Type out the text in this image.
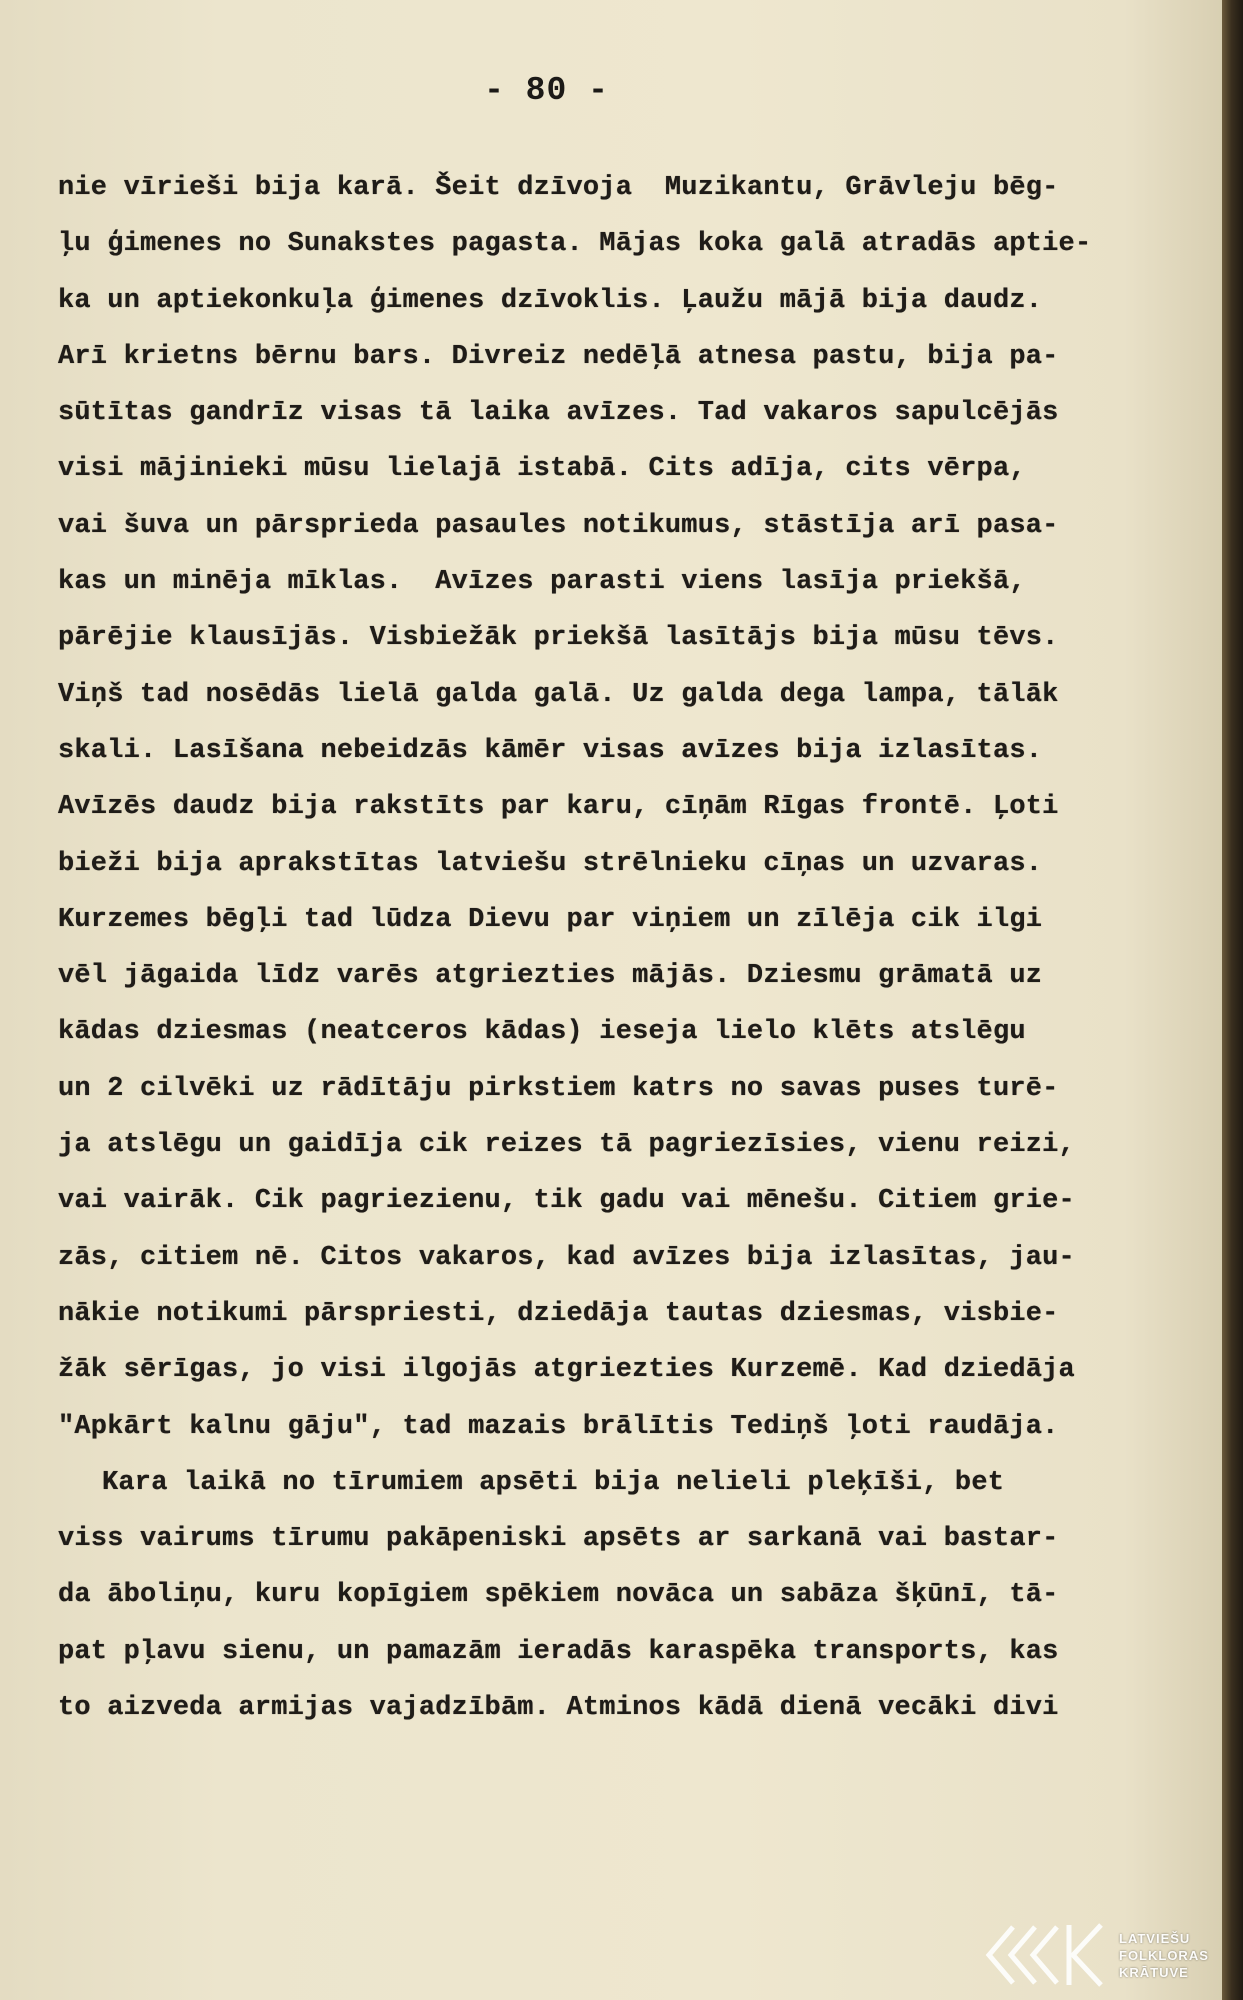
- 80 -
nie vīrieši bija karā. Šeit dzīvoja  Muzikantu, Grāvleju bēg-
ļu ģimenes no Sunakstes pagasta. Mājas koka galā atradās aptie-
ka un aptiekonkuļa ģimenes dzīvoklis. Ļaužu mājā bija daudz.
Arī krietns bērnu bars. Divreiz nedēļā atnesa pastu, bija pa-
sūtītas gandrīz visas tā laika avīzes. Tad vakaros sapulcējās
visi mājinieki mūsu lielajā istabā. Cits adīja, cits vērpa,
vai šuva un pārsprieda pasaules notikumus, stāstīja arī pasa-
kas un minēja mīklas.  Avīzes parasti viens lasīja priekšā,
pārējie klausījās. Visbiežāk priekšā lasītājs bija mūsu tēvs.
Viņš tad nosēdās lielā galda galā. Uz galda dega lampa, tālāk
skali. Lasīšana nebeidzās kāmēr visas avīzes bija izlasītas.
Avīzēs daudz bija rakstīts par karu, cīņām Rīgas frontē. Ļoti
bieži bija aprakstītas latviešu strēlnieku cīņas un uzvaras.
Kurzemes bēgļi tad lūdza Dievu par viņiem un zīlēja cik ilgi
vēl jāgaida līdz varēs atgriezties mājās. Dziesmu grāmatā uz
kādas dziesmas (neatceros kādas) ieseja lielo klēts atslēgu
un 2 cilvēki uz rādītāju pirkstiem katrs no savas puses turē-
ja atslēgu un gaidīja cik reizes tā pagriezīsies, vienu reizi,
vai vairāk. Cik pagriezienu, tik gadu vai mēnešu. Citiem grie-
zās, citiem nē. Citos vakaros, kad avīzes bija izlasītas, jau-
nākie notikumi pārspriesti, dziedāja tautas dziesmas, visbie-
žāk sērīgas, jo visi ilgojās atgriezties Kurzemē. Kad dziedāja
"Apkārt kalnu gāju", tad mazais brālītis Tediņš ļoti raudāja.
Kara laikā no tīrumiem apsēti bija nelieli pleķīši, bet
viss vairums tīrumu pakāpeniski apsēts ar sarkanā vai bastar-
da āboliņu, kuru kopīgiem spēkiem novāca un sabāza šķūnī, tā-
pat pļavu sienu, un pamazām ieradās karaspēka transports, kas
to aizveda armijas vajadzībām. Atminos kādā dienā vecāki divi
LATVIEŠU
FOLKLORAS
KRĀTUVE
